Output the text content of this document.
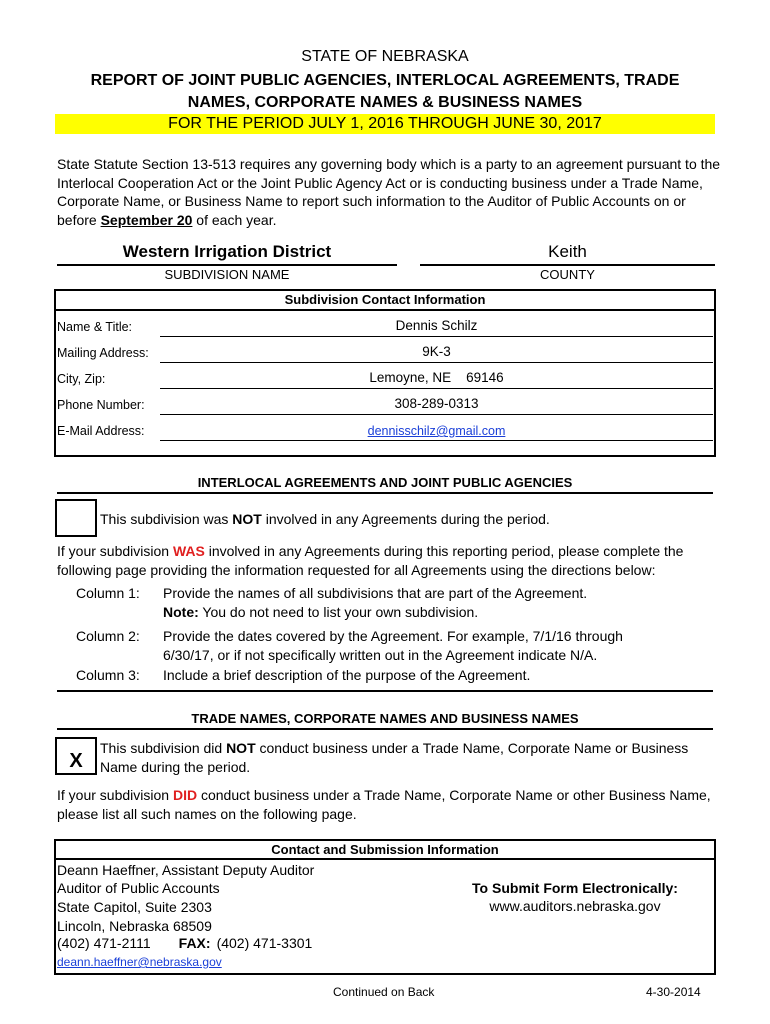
STATE OF NEBRASKA
REPORT OF JOINT PUBLIC AGENCIES, INTERLOCAL AGREEMENTS, TRADE
NAMES, CORPORATE NAMES & BUSINESS NAMES
FOR THE PERIOD JULY 1, 2016 THROUGH JUNE 30, 2017
State Statute Section 13-513 requires any governing body which is a party to an agreement pursuant to the Interlocal Cooperation Act or the Joint Public Agency Act or is conducting business under a Trade Name, Corporate Name, or Business Name to report such information to the Auditor of Public Accounts on or before September 20 of each year.
Western Irrigation District
SUBDIVISION NAME
Keith
COUNTY
Subdivision Contact Information
Name & Title:	Dennis Schilz
Mailing Address:	9K-3
City, Zip:	Lemoyne, NE    69146
Phone Number:	308-289-0313
E-Mail Address:	dennisschilz@gmail.com
INTERLOCAL AGREEMENTS AND JOINT PUBLIC AGENCIES
This subdivision was NOT involved in any Agreements during the period.
If your subdivision WAS involved in any Agreements during this reporting period, please complete the following page providing the information requested for all Agreements using the directions below:
Column 1: Provide the names of all subdivisions that are part of the Agreement.
Note: You do not need to list your own subdivision.
Column 2: Provide the dates covered by the Agreement. For example, 7/1/16 through 6/30/17, or if not specifically written out in the Agreement indicate N/A.
Column 3: Include a brief description of the purpose of the Agreement.
TRADE NAMES, CORPORATE NAMES AND BUSINESS NAMES
X
This subdivision did NOT conduct business under a Trade Name, Corporate Name or Business Name during the period.
If your subdivision DID conduct business under a Trade Name, Corporate Name or other Business Name, please list all such names on the following page.
Contact and Submission Information
Deann Haeffner, Assistant Deputy Auditor
Auditor of Public Accounts
State Capitol, Suite 2303
Lincoln, Nebraska 68509
(402) 471-2111 FAX: (402) 471-3301
deann.haeffner@nebraska.gov
To Submit Form Electronically:
www.auditors.nebraska.gov
Continued on Back	4-30-2014
